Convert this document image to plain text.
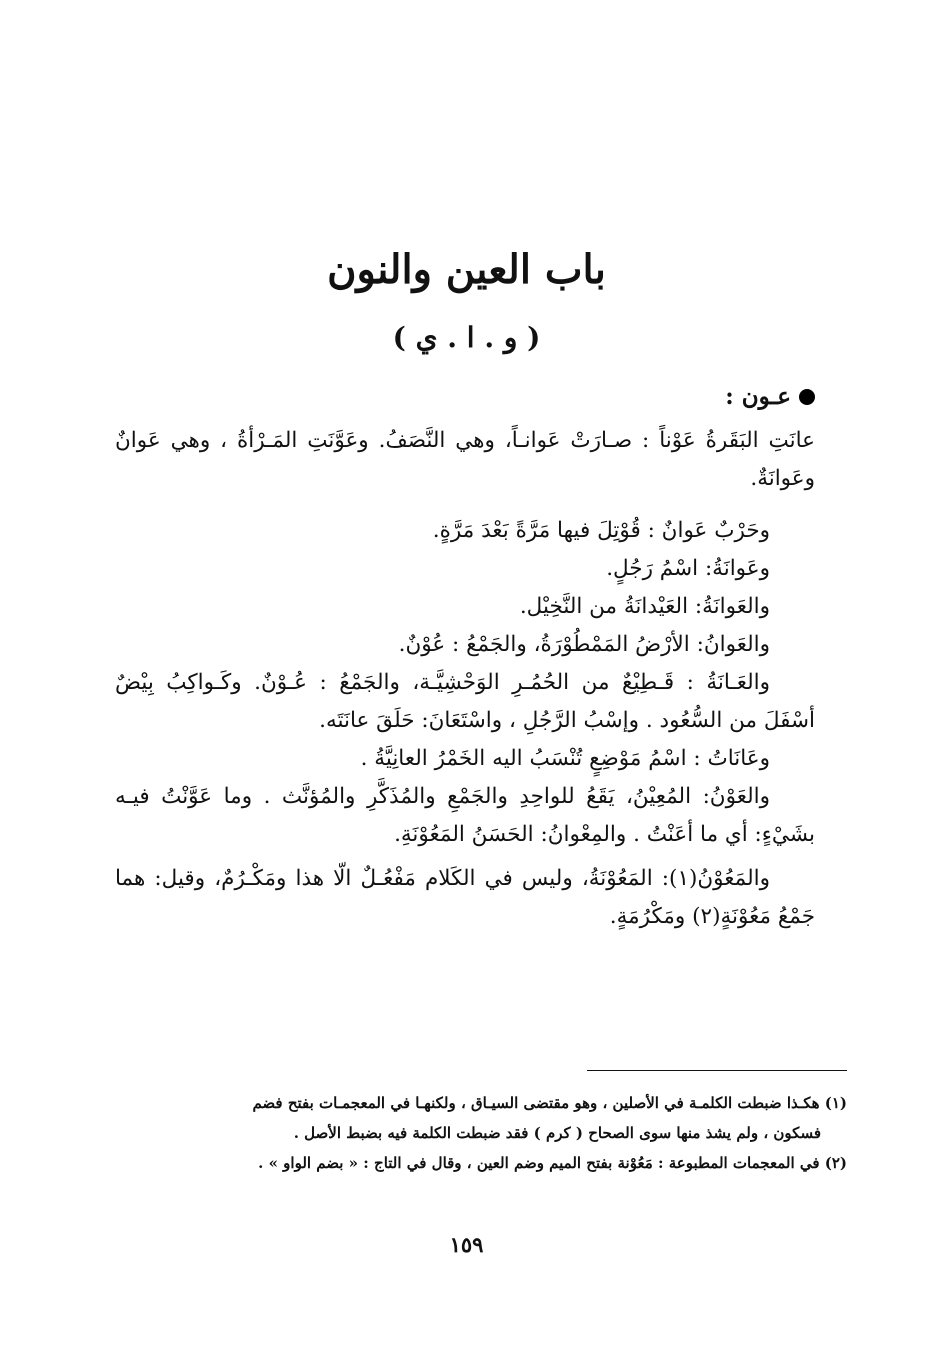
باب العين والنون
( و . ا . ي )
عـون :

عانَتِ البَقَرةُ عَوْناً : صـارَتْ عَوانـاً، وهي النَّصَفُ. وعَوَّنَتِ المَـرْأةُ ، وهي عَوانٌ وعَوانَةٌ.

وحَرْبٌ عَوانٌ : قُوْتِلَ فيها مَرَّةً بَعْدَ مَرَّةٍ.

وعَوانَةُ: اسْمُ رَجُلٍ.

والعَوانَةُ: العَيْدانَةُ من النَّخِيْل.

والعَوانُ: الأرْضُ المَمْطُوْرَةُ، والجَمْعُ : عُوْنٌ.

والعَـانَةُ : قَـطِيْعٌ من الحُمُـرِ الوَحْشِيَّـة، والجَمْعُ : عُـوْنٌ. وكَـواكِبُ بِيْضٌ أسْفَلَ من السُّعُود . وإسْبُ الرَّجُلِ ، واسْتَعَانَ: حَلَقَ عانَتَه.

وعَانَاتُ : اسْمُ مَوْضِعٍ تُنْسَبُ اليه الخَمْرُ العانِيَّةُ .

والعَوْنُ: المُعِيْنُ، يَقَعُ للواحِدِ والجَمْعِ والمُذَكَّرِ والمُؤنَّث . وما عَوَّنْتُ فيـه بشَيْءٍ: أي ما أعَنْتُ . والمِعْوانُ: الحَسَنُ المَعُوْنَةِ.

والمَعُوْنُ(١): المَعُوْنَةُ، وليس في الكَلام مَفْعُـلٌ الّا هذا ومَكْـرُمٌ، وقيل: هما جَمْعُ مَعُوْنَةٍ(٢) ومَكْرُمَةٍ.

(١) هكـذا ضبطت الكلمـة في الأصلين ، وهو مقتضى السيـاق ، ولكنهـا في المعجمـات بفتح فضم

فسكون ، ولم يشذ منها سوى الصحاح ( كرم ) فقد ضبطت الكلمة فيه بضبط الأصل .

(٢) في المعجمات المطبوعة : مَعُوْنة بفتح الميم وضم العين ، وقال في التاج : « بضم الواو » .

١٥٩
